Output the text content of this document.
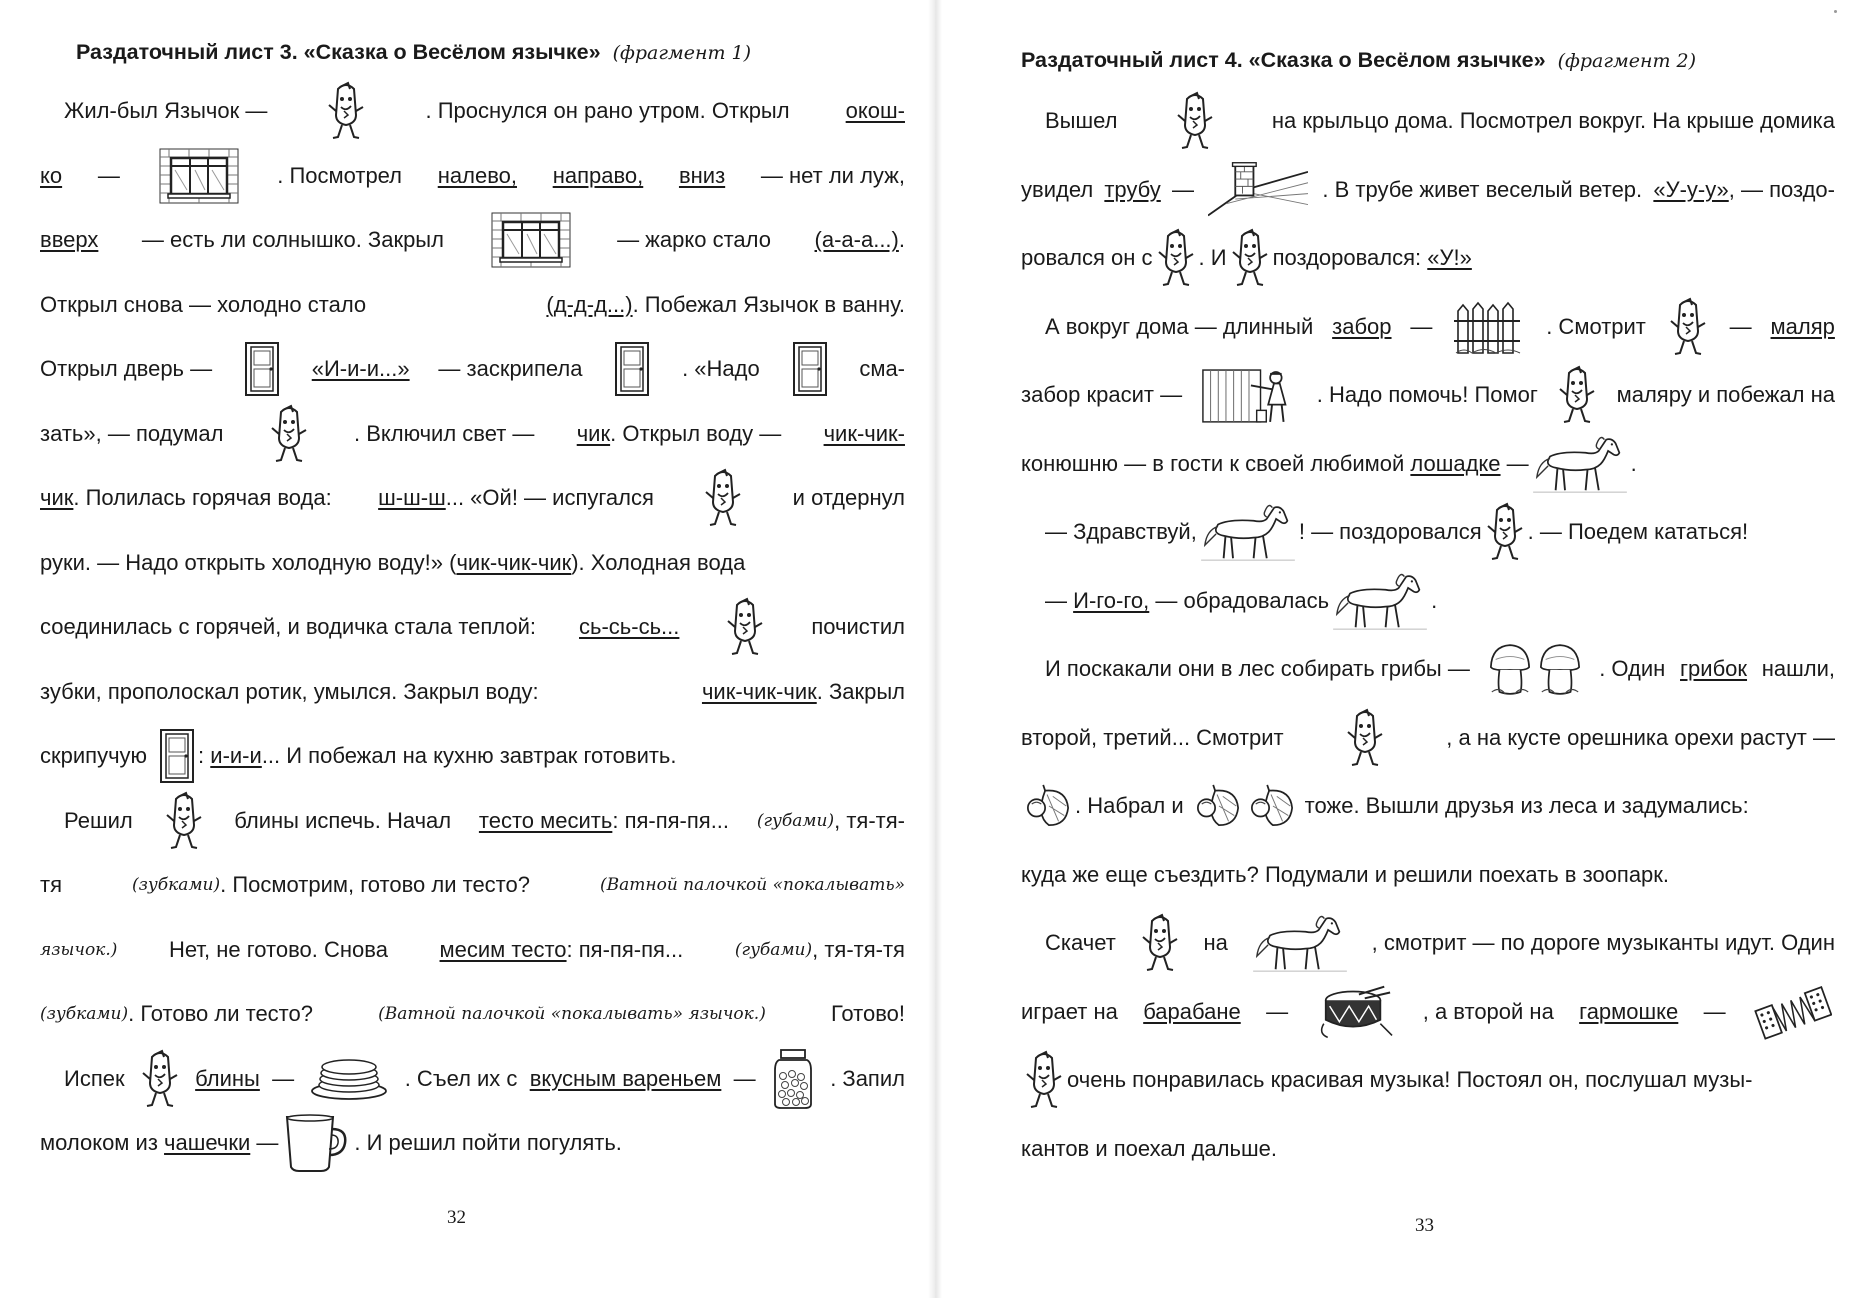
Раздаточный лист 3. «Сказка о Весёлом язычке» (фрагмент 1)
Жил-был Язычок —	. Проснулся он рано утром. Открыл	окош-
ко —	. Посмотрел налево, направо, вниз — нет ли луж,
вверх — есть ли солнышко. Закрыл	— жарко стало (а-а-а...) .
Открыл снова — холодно стало	(д-д-д...) . Побежал Язычок в ванну.
Открыл дверь —	«И-и-и...» — заскрипела	. «Надо	сма-
зать», — подумал	. Включил свет — чик . Открыл воду — чик-чик-
чик . Полилась горячая вода: ш-ш-ш ... «Ой! — испугался	и отдернул
руки. — Надо открыть холодную воду!» ( чик-чик-чик ). Холодная вода
соединилась с горячей, и водичка стала теплой: сь-сь-сь...	почистил
зубки, прополоскал ротик, умылся. Закрыл воду:	чик-чик-чик . Закрыл
скрипучую :
и-и-и ... И побежал на кухню завтрак готовить.
Решил	блины испечь. Начал тесто месить : пя-пя-пя... (губами) , тя-тя-
тя	(зубками) . Посмотрим, готово ли тесто?	(Ватной палочкой «покалывать»
язычок.) Нет, не готово. Снова месим тесто : пя-пя-пя...	(губами) , тя-тя-тя
(зубками) . Готово ли тесто?	(Ватной палочкой «покалывать» язычок.)	Готово!
Испек	блины —	. Съел их с вкусным вареньем —	. Запил
молоком из
чашечки
—	. И решил пойти погулять.
32
Раздаточный лист 4. «Сказка о Весёлом язычке» (фрагмент 2)
Вышел	на крыльцо дома. Посмотрел вокруг. На крыше домика
увидел трубу —	. В трубе живет веселый ветер. «У-у-у» , — поздо-
ровался он с . И поздоровался:
«У!»
А вокруг дома — длинный забор —	. Смотрит	— маляр
забор красит —	. Надо помочь! Помог	маляру и побежал на
конюшню — в гости к своей любимой
лошадке
—	.
— Здравствуй,	! — поздоровался . — Поедем кататься!
—
И-го-го,
— обрадовалась	.
И поскакали они в лес собирать грибы —	. Один грибок нашли,
второй, третий... Смотрит	, а на кусте орешника орехи растут —
. Набрал и	тоже. Вышли друзья из леса и задумались:
куда же еще съездить? Подумали и решили поехать в зоопарк.
Скачет	на	, смотрит — по дороге музыканты идут. Один
играет на барабане —	, а второй на гармошке —
очень понравилась красивая музыка! Постоял он, послушал музы-
кантов и поехал дальше.
33
